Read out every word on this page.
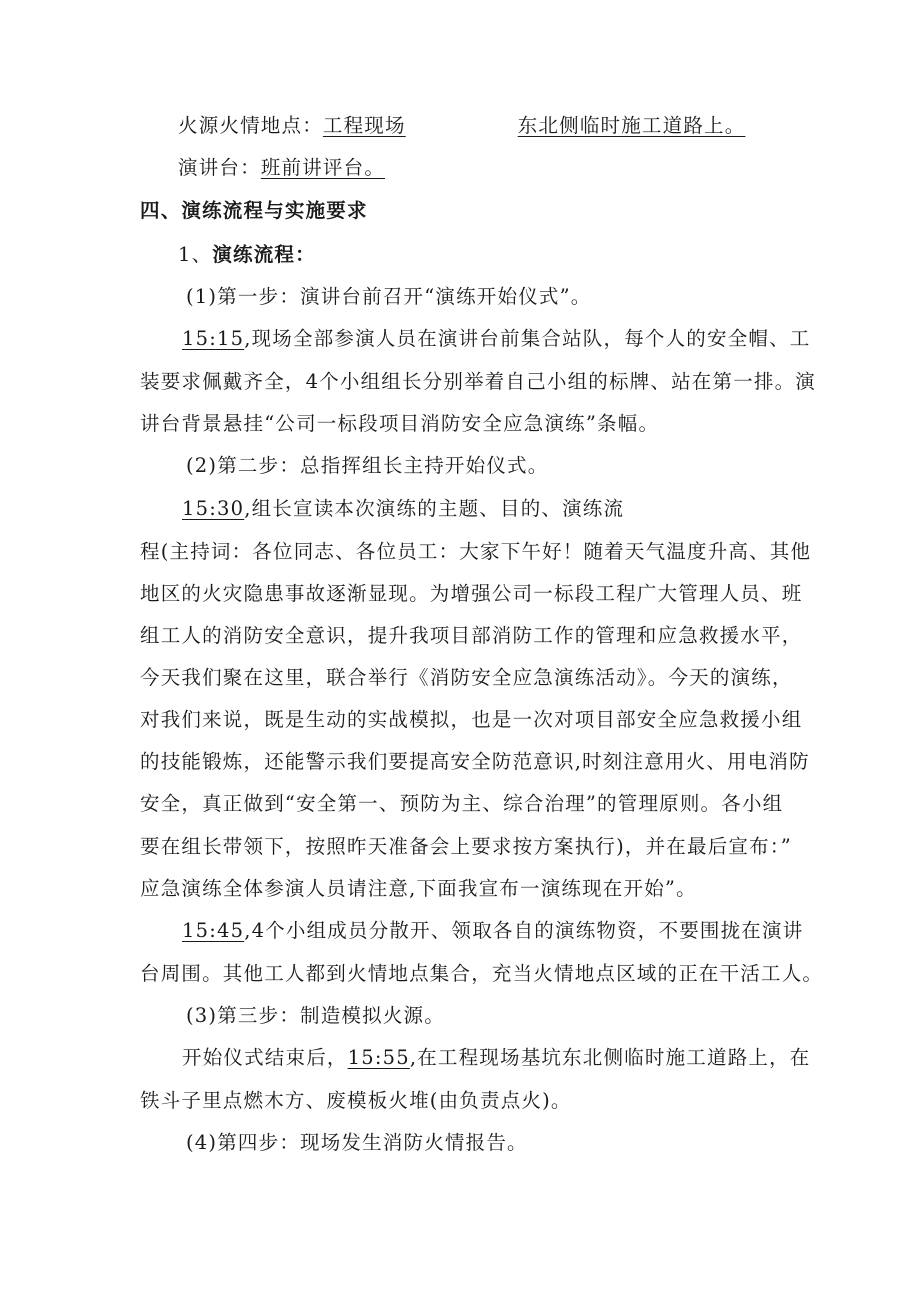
火源火情地点：工程现场	东北侧临时施工道路上。
演讲台：班前讲评台。
四、演练流程与实施要求
1、演练流程：
(1)第一步：演讲台前召开“演练开始仪式”。
15:15,现场全部参演人员在演讲台前集合站队，每个人的安全帽、工
装要求佩戴齐全，4个小组组长分别举着自己小组的标牌、站在第一排。演
讲台背景悬挂“公司一标段项目消防安全应急演练”条幅。
(2)第二步：总指挥组长主持开始仪式。
15:30,组长宣读本次演练的主题、目的、演练流
程(主持词：各位同志、各位员工：大家下午好！随着天气温度升高、其他
地区的火灾隐患事故逐渐显现。为增强公司一标段工程广大管理人员、班
组工人的消防安全意识，提升我项目部消防工作的管理和应急救援水平，
今天我们聚在这里，联合举行《消防安全应急演练活动》。今天的演练，
对我们来说，既是生动的实战模拟，也是一次对项目部安全应急救援小组
的技能锻炼，还能警示我们要提高安全防范意识,时刻注意用火、用电消防
安全，真正做到“安全第一、预防为主、综合治理”的管理原则。各小组
要在组长带领下，按照昨天准备会上要求按方案执行)，并在最后宣布：”
应急演练全体参演人员请注意,下面我宣布一演练现在开始”。
15:45,4个小组成员分散开、领取各自的演练物资，不要围拢在演讲
台周围。其他工人都到火情地点集合，充当火情地点区域的正在干活工人。
(3)第三步：制造模拟火源。
开始仪式结束后，15:55,在工程现场基坑东北侧临时施工道路上，在
铁斗子里点燃木方、废模板火堆(由负责点火)。
(4)第四步：现场发生消防火情报告。
